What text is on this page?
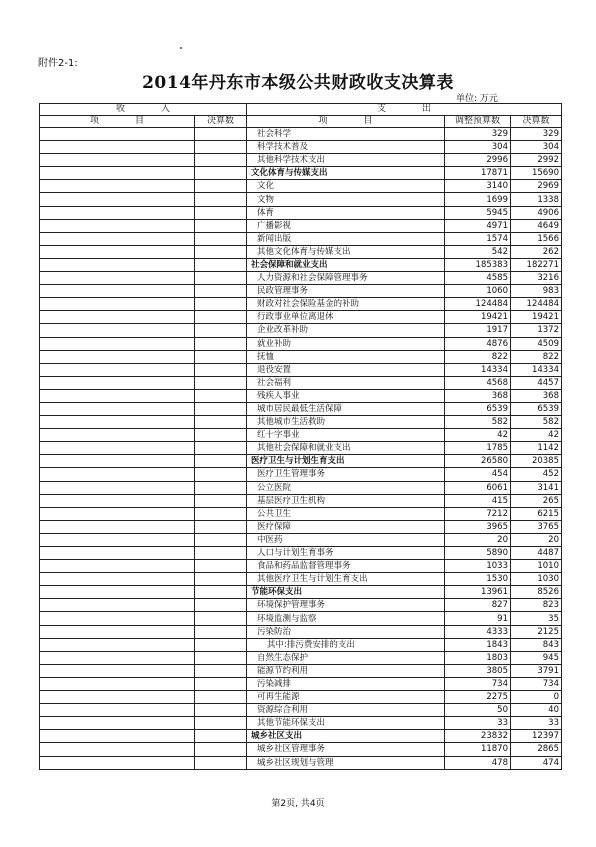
附件2-1:
2014年丹东市本级公共财政收支决算表
单位: 万元
收　　　　入		支　　　　出		
项　　　　目	决算数	项　　　　目	调整预算数	决算数
		社会科学	329	329
		科学技术普及	304	304
		其他科学技术支出	2996	2992
		文化体育与传媒支出	17871	15690
		文化	3140	2969
		文物	1699	1338
		体育	5945	4906
		广播影视	4971	4649
		新闻出版	1574	1566
		其他文化体育与传媒支出	542	262
		社会保障和就业支出	185383	182271
		人力资源和社会保障管理事务	4585	3216
		民政管理事务	1060	983
		财政对社会保险基金的补助	124484	124484
		行政事业单位离退休	19421	19421
		企业改革补助	1917	1372
		就业补助	4876	4509
		抚恤	822	822
		退役安置	14334	14334
		社会福利	4568	4457
		残疾人事业	368	368
		城市居民最低生活保障	6539	6539
		其他城市生活救助	582	582
		红十字事业	42	42
		其他社会保障和就业支出	1785	1142
		医疗卫生与计划生育支出	26580	20385
		医疗卫生管理事务	454	452
		公立医院	6061	3141
		基层医疗卫生机构	415	265
		公共卫生	7212	6215
		医疗保障	3965	3765
		中医药	20	20
		人口与计划生育事务	5890	4487
		食品和药品监督管理事务	1033	1010
		其他医疗卫生与计划生育支出	1530	1030
		节能环保支出	13961	8526
		环境保护管理事务	827	823
		环境监测与监察	91	35
		污染防治	4333	2125
		其中:排污费安排的支出	1843	843
		自然生态保护	1803	945
		能源节约利用	3805	3791
		污染减排	734	734
		可再生能源	2275	0
		资源综合利用	50	40
		其他节能环保支出	33	33
		城乡社区支出	23832	12397
		城乡社区管理事务	11870	2865
		城乡社区规划与管理	478	474
第2页, 共4页
